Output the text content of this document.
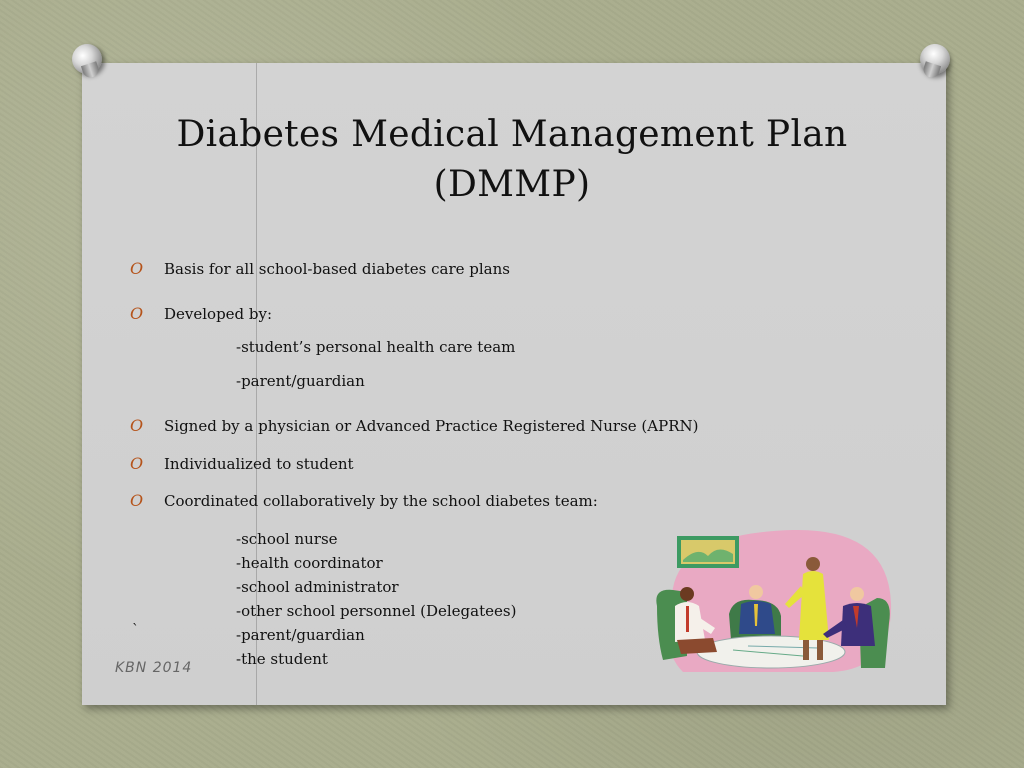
Diabetes Medical Management Plan
(DMMP)
O Basis for all school-based diabetes care plans
O Developed by:
-student’s personal health care team
-parent/guardian
O Signed by a physician or Advanced Practice Registered Nurse (APRN)
O Individualized to student
O Coordinated collaboratively by the school diabetes team:
-school nurse
-health coordinator
-school administrator
-other school personnel (Delegatees)
-parent/guardian
-the student
`
KBN 2014
